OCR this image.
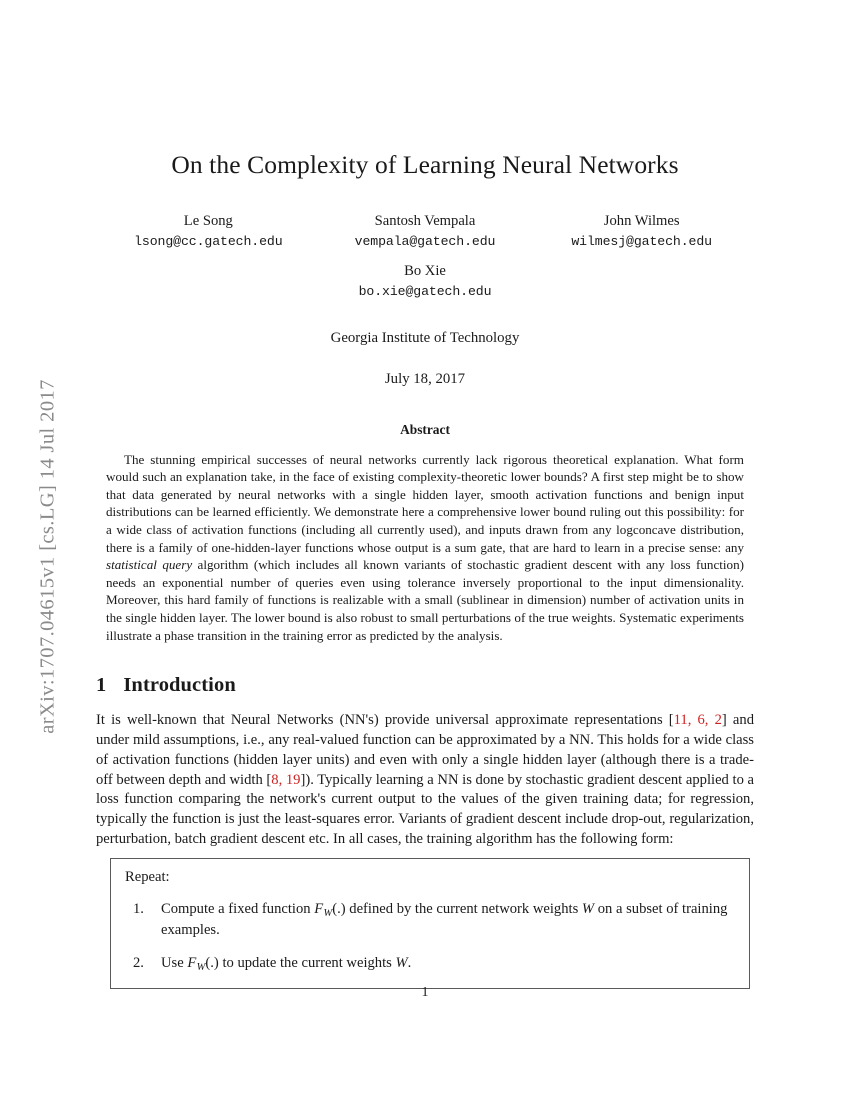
arXiv:1707.04615v1 [cs.LG] 14 Jul 2017
On the Complexity of Learning Neural Networks
Le Song
lsong@cc.gatech.edu
Santosh Vempala
vempala@gatech.edu
John Wilmes
wilmesj@gatech.edu
Bo Xie
bo.xie@gatech.edu
Georgia Institute of Technology
July 18, 2017
Abstract

The stunning empirical successes of neural networks currently lack rigorous theoretical explanation. What form would such an explanation take, in the face of existing complexity-theoretic lower bounds? A first step might be to show that data generated by neural networks with a single hidden layer, smooth activation functions and benign input distributions can be learned efficiently. We demonstrate here a comprehensive lower bound ruling out this possibility: for a wide class of activation functions (including all currently used), and inputs drawn from any logconcave distribution, there is a family of one-hidden-layer functions whose output is a sum gate, that are hard to learn in a precise sense: any statistical query algorithm (which includes all known variants of stochastic gradient descent with any loss function) needs an exponential number of queries even using tolerance inversely proportional to the input dimensionality. Moreover, this hard family of functions is realizable with a small (sublinear in dimension) number of activation units in the single hidden layer. The lower bound is also robust to small perturbations of the true weights. Systematic experiments illustrate a phase transition in the training error as predicted by the analysis.

1 Introduction

It is well-known that Neural Networks (NN's) provide universal approximate representations [11, 6, 2] and under mild assumptions, i.e., any real-valued function can be approximated by a NN. This holds for a wide class of activation functions (hidden layer units) and even with only a single hidden layer (although there is a trade-off between depth and width [8, 19]). Typically learning a NN is done by stochastic gradient descent applied to a loss function comparing the network's current output to the values of the given training data; for regression, typically the function is just the least-squares error. Variants of gradient descent include drop-out, regularization, perturbation, batch gradient descent etc. In all cases, the training algorithm has the following form:

Repeat:

1. Compute a fixed function $F_W(.)$ defined by the current network weights W on a subset of training examples.
2. Use $F_W(.)$ to update the current weights W.
1
